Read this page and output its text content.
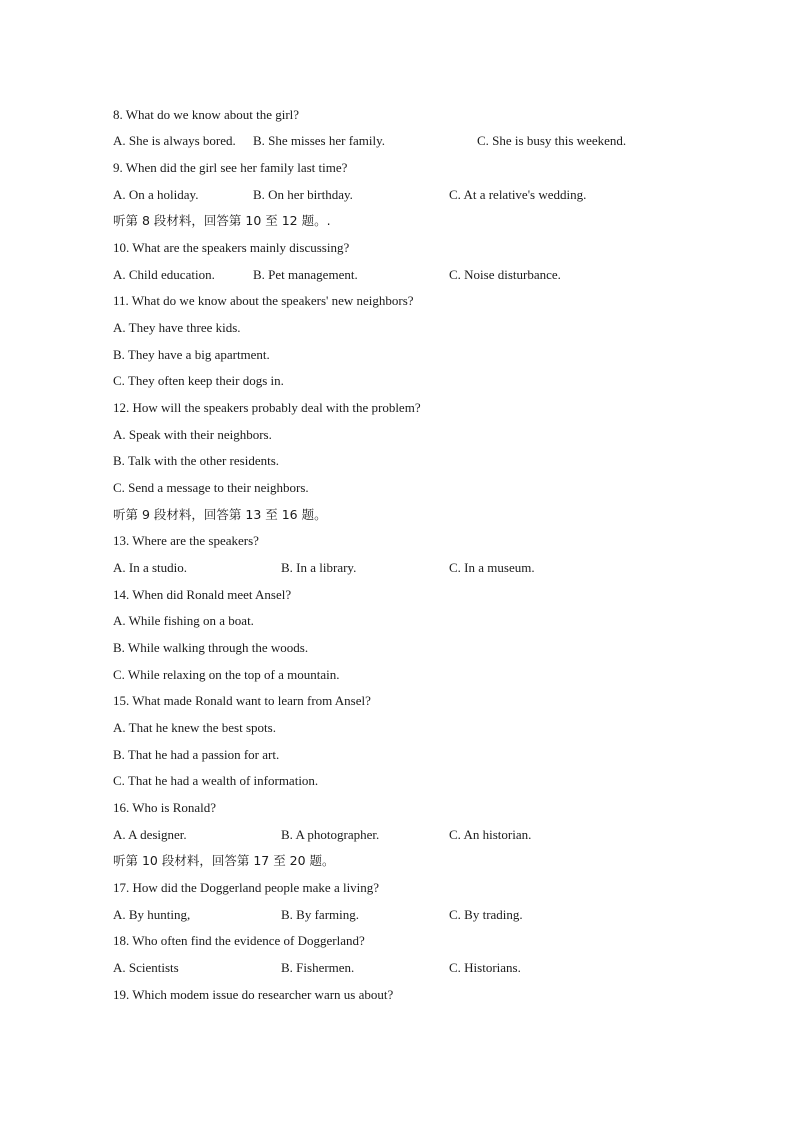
8. What do we know about the girl?
A. She is always bored. B. She misses her family.	C. She is busy this weekend.
9. When did the girl see her family last time?
A. On a holiday.	B. On her birthday.	C. At a relative's wedding.
听第 8 段材料，回答第 10 至 12 题。.
10. What are the speakers mainly discussing?
A. Child education.	B. Pet management.	C. Noise disturbance.
11. What do we know about the speakers' new neighbors?
A. They have three kids.
B. They have a big apartment.
C. They often keep their dogs in.
12. How will the speakers probably deal with the problem?
A. Speak with their neighbors.
B. Talk with the other residents.
C. Send a message to their neighbors.
听第 9 段材料，回答第 13 至 16 题。
13. Where are the speakers?
A. In a studio.	B. In a library.	C. In a museum.
14. When did Ronald meet Ansel?
A. While fishing on a boat.
B. While walking through the woods.
C. While relaxing on the top of a mountain.
15. What made Ronald want to learn from Ansel?
A. That he knew the best spots.
B. That he had a passion for art.
C. That he had a wealth of information.
16. Who is Ronald?
A. A designer.	B. A photographer.	C. An historian.
听第 10 段材料，回答第 17 至 20 题。
17. How did the Doggerland people make a living?
A. By hunting,	B. By farming.	C. By trading.
18. Who often find the evidence of Doggerland?
A. Scientists	B. Fishermen.	C. Historians.
19. Which modem issue do researcher warn us about?
